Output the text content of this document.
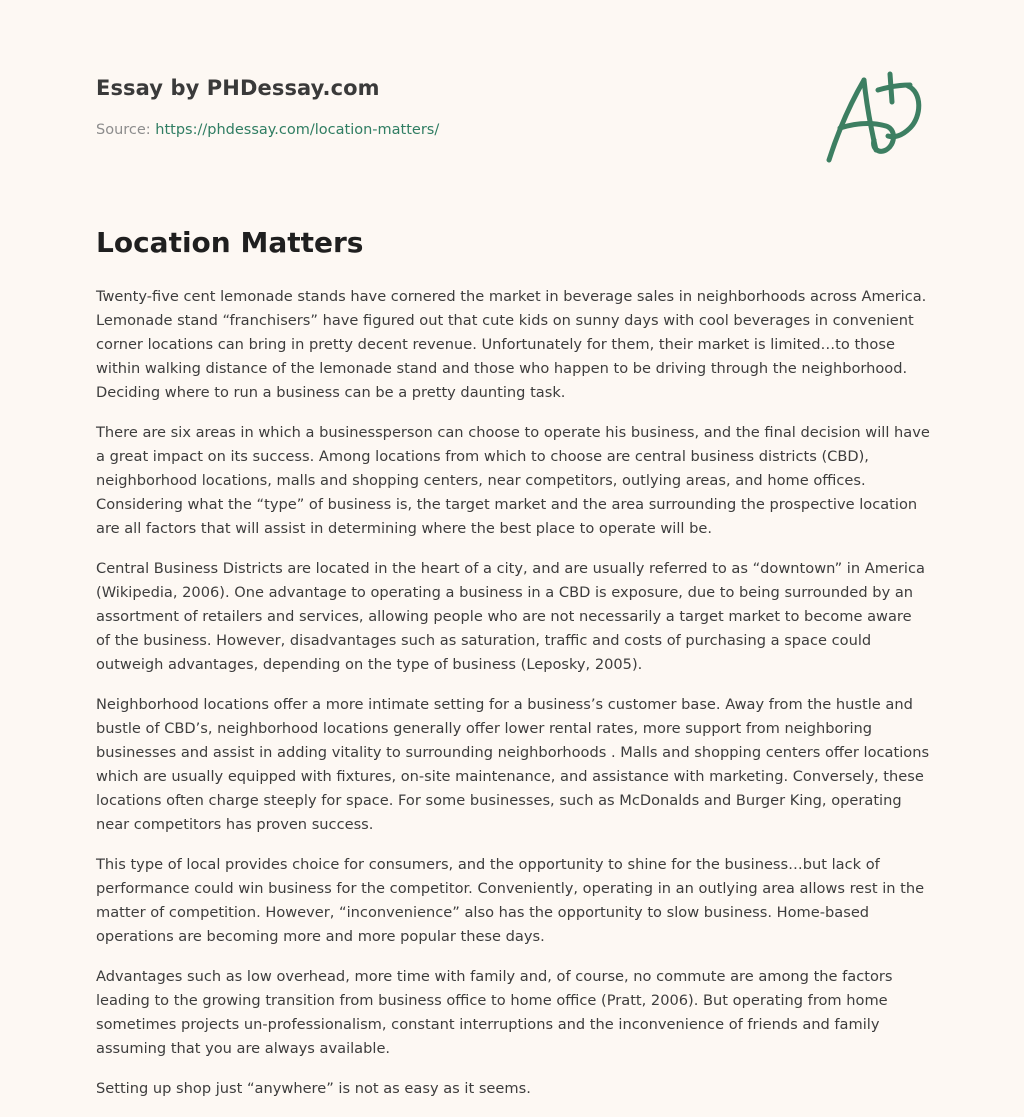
Essay by PHDessay.com
Source: https://phdessay.com/location-matters/
Location Matters

Twenty-five cent lemonade stands have cornered the market in beverage sales in neighborhoods across America. Lemonade stand “franchisers” have figured out that cute kids on sunny days with cool beverages in convenient corner locations can bring in pretty decent revenue. Unfortunately for them, their market is limited…to those within walking distance of the lemonade stand and those who happen to be driving through the neighborhood. Deciding where to run a business can be a pretty daunting task.

There are six areas in which a businessperson can choose to operate his business, and the final decision will have a great impact on its success. Among locations from which to choose are central business districts (CBD), neighborhood locations, malls and shopping centers, near competitors, outlying areas, and home offices. Considering what the “type” of business is, the target market and the area surrounding the prospective location are all factors that will assist in determining where the best place to operate will be.

Central Business Districts are located in the heart of a city, and are usually referred to as “downtown” in America (Wikipedia, 2006). One advantage to operating a business in a CBD is exposure, due to being surrounded by an assortment of retailers and services, allowing people who are not necessarily a target market to become aware of the business. However, disadvantages such as saturation, traffic and costs of purchasing a space could outweigh advantages, depending on the type of business (Leposky, 2005).

Neighborhood locations offer a more intimate setting for a business’s customer base. Away from the hustle and bustle of CBD’s, neighborhood locations generally offer lower rental rates, more support from neighboring businesses and assist in adding vitality to surrounding neighborhoods . Malls and shopping centers offer locations which are usually equipped with fixtures, on-site maintenance, and assistance with marketing. Conversely, these locations often charge steeply for space. For some businesses, such as McDonalds and Burger King, operating near competitors has proven success.

This type of local provides choice for consumers, and the opportunity to shine for the business…but lack of performance could win business for the competitor. Conveniently, operating in an outlying area allows rest in the matter of competition. However, “inconvenience” also has the opportunity to slow business. Home-based operations are becoming more and more popular these days.

Advantages such as low overhead, more time with family and, of course, no commute are among the factors leading to the growing transition from business office to home office (Pratt, 2006). But operating from home sometimes projects un-professionalism, constant interruptions and the inconvenience of friends and family assuming that you are always available.

Setting up shop just “anywhere” is not as easy as it seems.
